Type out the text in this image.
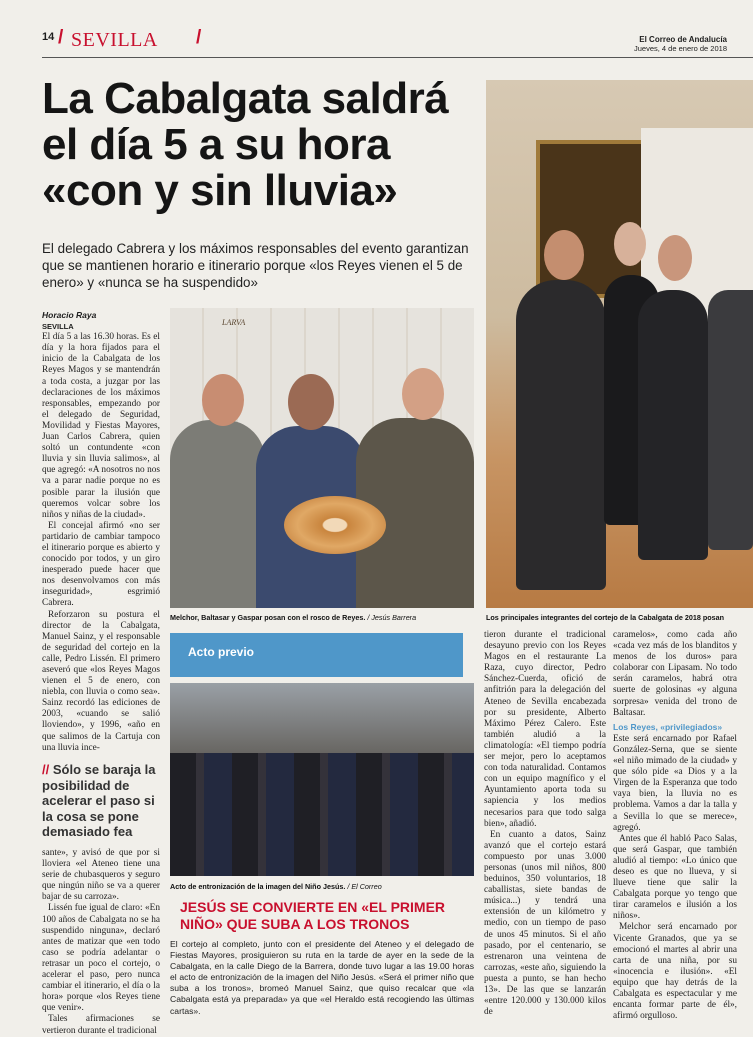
14 / SEVILLA /	El Correo de Andalucía
Jueves, 4 de enero de 2018
La Cabalgata saldrá
el día 5 a su hora
«con y sin lluvia»
El delegado Cabrera y los máximos responsables del evento garantizan que se mantienen horario e itinerario porque «los Reyes vienen el 5 de enero» y «nunca se ha suspendido»
Los principales integrantes del cortejo de la Cabalgata de 2018 posan
LARVA
Melchor, Baltasar y Gaspar posan con el rosco de Reyes. / Jesús Barrera
Horacio Raya
SEVILLA

El día 5 a las 16.30 horas. Es el día y la hora fijados para el inicio de la Cabalgata de los Reyes Magos y se mantendrán a toda costa, a juzgar por las declaraciones de los máximos responsables, empezando por el delegado de Seguridad, Movilidad y Fiestas Mayores, Juan Carlos Cabrera, quien soltó un contundente «con lluvia y sin lluvia salimos», al que agregó: «A nosotros no nos va a parar nadie porque no es posible parar la ilusión que queremos volcar sobre los niños y niñas de la ciudad».

El concejal afirmó «no ser partidario de cambiar tampoco el itinerario porque es abierto y conocido por todos, y un giro inesperado puede hacer que nos desenvolvamos con más inseguridad», esgrimió Cabrera.

Reforzaron su postura el director de la Cabalgata, Manuel Sainz, y el responsable de seguridad del cortejo en la calle, Pedro Lissén. El primero aseveró que «los Reyes Magos vienen el 5 de enero, con niebla, con lluvia o como sea». Sainz recordó las ediciones de 2003, «cuando se salió lloviendo», y 1996, «año en que salimos de la Cartuja con una lluvia ince-

// Sólo se baraja la posibilidad de acelerar el paso si la cosa se pone demasiado fea

sante», y avisó de que por si lloviera «el Ateneo tiene una serie de chubasqueros y seguro que ningún niño se va a querer bajar de su carroza».

Lissén fue igual de claro: «En 100 años de Cabalgata no se ha suspendido ninguna», declaró antes de matizar que «en todo caso se podría adelantar o retrasar un poco el cortejo, o acelerar el paso, pero nunca cambiar el itinerario, el día o la hora» porque «los Reyes tiene que venir».

Tales afirmaciones se vertieron durante el tradicional

Acto previo
Acto de entronización de la imagen del Niño Jesús. / El Correo
JESÚS SE CONVIERTE EN «EL PRIMER NIÑO» QUE SUBA A LOS TRONOS
El cortejo al completo, junto con el presidente del Ateneo y el delegado de Fiestas Mayores, prosiguieron su ruta en la tarde de ayer en la sede de la Cabalgata, en la calle Diego de la Barrera, donde tuvo lugar a las 19.00 horas el acto de entronización de la imagen del Niño Jesús. «Será el primer niño que suba a los tronos», bromeó Manuel Sainz, que quiso recalcar que «la Cabalgata está ya preparada» ya que «el Heraldo está recogiendo las últimas cartas».

tieron durante el tradicional desayuno previo con los Reyes Magos en el restaurante La Raza, cuyo director, Pedro Sánchez-Cuerda, ofició de anfitrión para la delegación del Ateneo de Sevilla encabezada por su presidente, Alberto Máximo Pérez Calero. Este también aludió a la climatología: «El tiempo podría ser mejor, pero lo aceptamos con toda naturalidad. Contamos con un equipo magnífico y el Ayuntamiento aporta toda su sapiencia y los medios necesarios para que todo salga bien», añadió.

En cuanto a datos, Sainz avanzó que el cortejo estará compuesto por unas 3.000 personas (unos mil niños, 800 beduinos, 350 voluntarios, 18 caballistas, siete bandas de música...) y tendrá una extensión de un kilómetro y medio, con un tiempo de paso de unos 45 minutos. Si el año pasado, por el centenario, se estrenaron una veintena de carrozas, «este año, siguiendo la puesta a punto, se han hecho 13». De las que se lanzarán «entre 120.000 y 130.000 kilos de

caramelos», como cada año «cada vez más de los blanditos y menos de los duros» para colaborar con Lipasam. No todo serán caramelos, habrá otra suerte de golosinas «y alguna sorpresa» venida del trono de Baltasar.

Los Reyes, «privilegiados»

Este será encarnado por Rafael González-Serna, que se siente «el niño mimado de la ciudad» y que sólo pide «a Dios y a la Virgen de la Esperanza que todo vaya bien, la lluvia no es problema. Vamos a dar la talla y a Sevilla lo que se merece», agregó.

Antes que él habló Paco Salas, que será Gaspar, que también aludió al tiempo: «Lo único que deseo es que no llueva, y si llueve tiene que salir la Cabalgata porque yo tengo que tirar caramelos e ilusión a los niños».

Melchor será encarnado por Vicente Granados, que ya se emocionó el martes al abrir una carta de una niña, por su «inocencia e ilusión». «El equipo que hay detrás de la Cabalgata es espectacular y me encanta formar parte de él», afirmó orgulloso.
